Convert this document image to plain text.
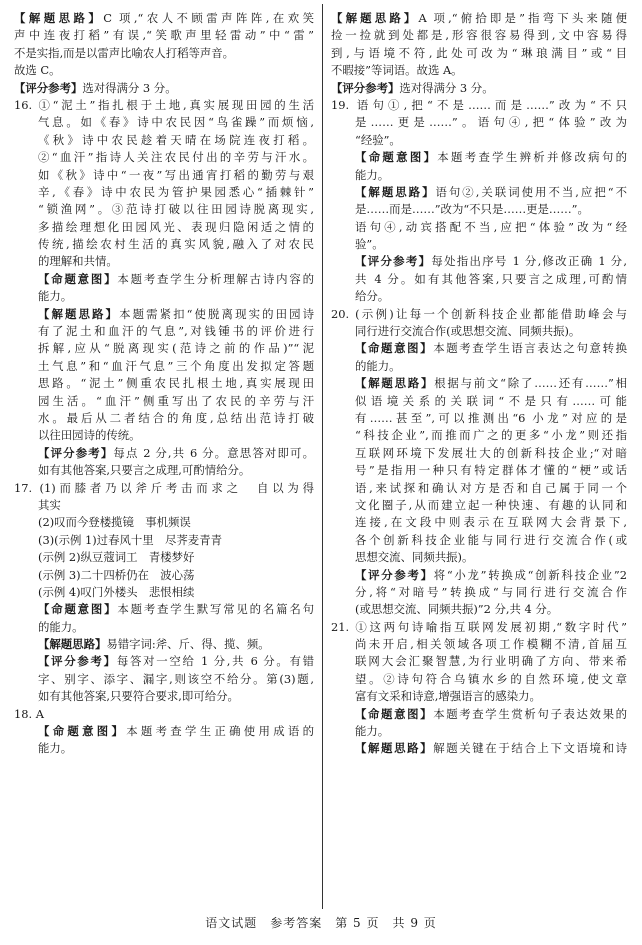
【解题思路】C 项,“农人不顾雷声阵阵,在欢笑
声中连夜打稻”有误,“笑歌声里轻雷动”中“雷”
不是实指,而是以雷声比喻农人打稻等声音。
故选 C。
【评分参考】选对得满分 3 分。
16. ①“泥土”指扎根于土地,真实展现田园的生活
气息。如《春》诗中农民因“鸟雀躁”而烦恼,
《秋》诗中农民趁着天晴在场院连夜打稻。
②“血汗”指诗人关注农民付出的辛劳与汗水。
如《秋》诗中“一夜”写出通宵打稻的勤劳与艰
辛,《春》诗中农民为管护果园悉心“插棘针”
“锁渔网”。③范诗打破以往田园诗脱离现实,
多描绘理想化田园风光、表现归隐闲适之情的
传统,描绘农村生活的真实风貌,融入了对农民
的理解和共情。
【命题意图】本题考查学生分析理解古诗内容的
能力。
【解题思路】本题需紧扣“使脱离现实的田园诗
有了泥土和血汗的气息”,对钱锺书的评价进行
拆解,应从“脱离现实(范诗之前的作品)”“泥
土气息”和“血汗气息”三个角度出发拟定答题
思路。“泥土”侧重农民扎根土地,真实展现田
园生活。“血汗”侧重写出了农民的辛劳与汗
水。最后从二者结合的角度,总结出范诗打破
以往田园诗的传统。
【评分参考】每点 2 分,共 6 分。意思答对即可。
如有其他答案,只要言之成理,可酌情给分。
17. (1)而膝者乃以斧斤考击而求之　自以为得
其实
(2)叹而今登楼揽镜　事机频误
(3)(示例 1)过春风十里　尽荠麦青青
(示例 2)纵豆蔻词工　青楼梦好
(示例 3)二十四桥仍在　波心荡
(示例 4)叹门外楼头　悲恨相续
【命题意图】本题考查学生默写常见的名篇名句
的能力。
【解题思路】易错字词:斧、斤、得、揽、频。
【评分参考】每答对一空给 1 分,共 6 分。有错
字、别字、添字、漏字,则该空不给分。第(3)题,
如有其他答案,只要符合要求,即可给分。
18. A
【命题意图】本题考查学生正确使用成语的
能力。
【解题思路】A 项,“俯拾即是”指弯下头来随便
捡一捡就到处都是,形容很容易得到,文中容易得
到,与语境不符,此处可改为“琳琅满目”或“目
不暇接”等词语。故选 A。
【评分参考】选对得满分 3 分。
19. 语句①,把“不是……而是……”改为“不只
是……更是……”。语句④,把“体验”改为
“经验”。
【命题意图】本题考查学生辨析并修改病句的
能力。
【解题思路】语句②,关联词使用不当,应把“不
是……而是……”改为“不只是……更是……”。
语句④,动宾搭配不当,应把“体验”改为“经
验”。
【评分参考】每处指出序号 1 分,修改正确 1 分,
共 4 分。如有其他答案,只要言之成理,可酌情
给分。
20. (示例)让每一个创新科技企业都能借助峰会与
同行进行交流合作(或思想交流、同频共振)。
【命题意图】本题考查学生语言表达之句意转换
的能力。
【解题思路】根据与前文“除了……还有……”相
似语境关系的关联词“不是只有……可能
有……甚至”,可以推测出“6 小龙”对应的是
“科技企业”,而推而广之的更多“小龙”则还指
互联网环境下发展壮大的创新科技企业;“对暗
号”是指用一种只有特定群体才懂的“梗”或话
语,来试探和确认对方是否和自己属于同一个
文化圈子,从而建立起一种快速、有趣的认同和
连接,在文段中则表示在互联网大会背景下,
各个创新科技企业能与同行进行交流合作(或
思想交流、同频共振)。
【评分参考】将“小龙”转换成“创新科技企业”2
分,将“对暗号”转换成“与同行进行交流合作
(或思想交流、同频共振)”2 分,共 4 分。
21. ①这两句诗喻指互联网发展初期,“数字时代”
尚未开启,相关领域各项工作模糊不清,首届互
联网大会汇聚智慧,为行业明确了方向、带来希
望。②诗句符合乌镇水乡的自然环境,使文章
富有文采和诗意,增强语言的感染力。
【命题意图】本题考查学生赏析句子表达效果的
能力。
【解题思路】解题关键在于结合上下文语境和诗
语文试题　参考答案　第 5 页　共 9 页
